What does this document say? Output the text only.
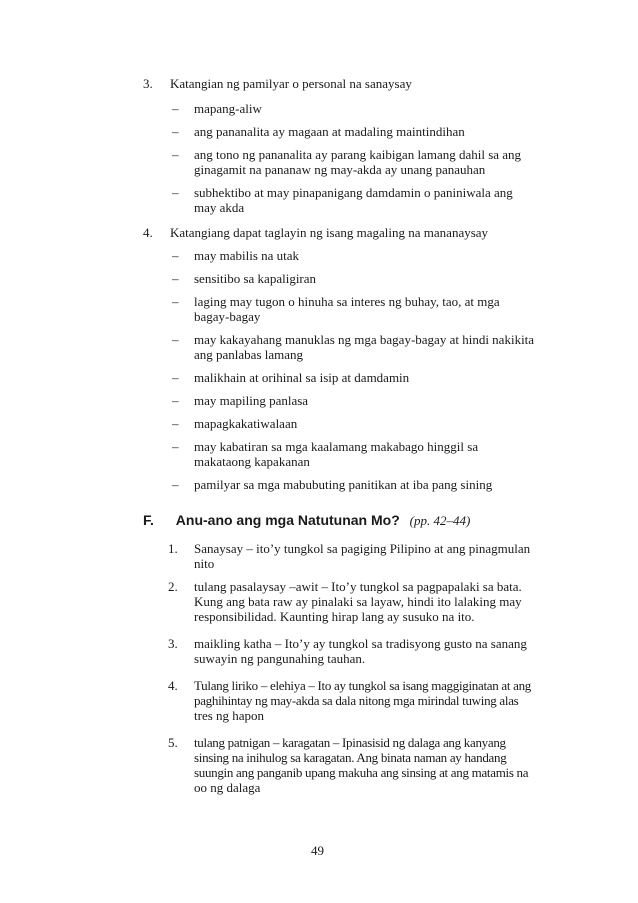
3. Katangian ng pamilyar o personal na sanaysay
– mapang-aliw
– ang pananalita ay magaan at madaling maintindihan
– ang tono ng pananalita ay parang kaibigan lamang dahil sa ang
ginagamit na pananaw ng may-akda ay unang panauhan
– subhektibo at may pinapanigang damdamin o paniniwala ang
may akda
4. Katangiang dapat taglayin ng isang magaling na mananaysay
– may mabilis na utak
– sensitibo sa kapaligiran
– laging may tugon o hinuha sa interes ng buhay, tao, at mga
bagay-bagay
– may kakayahang manuklas ng mga bagay-bagay at hindi nakikita
ang panlabas lamang
– malikhain at orihinal sa isip at damdamin
– may mapiling panlasa
– mapagkakatiwalaan
– may kabatiran sa mga kaalamang makabago hinggil sa
makataong kapakanan
– pamilyar sa mga mabubuting panitikan at iba pang sining
F. Anu-ano ang mga Natutunan Mo? (pp. 42–44)
1. Sanaysay – ito’y tungkol sa pagiging Pilipino at ang pinagmulan
nito
2. tulang pasalaysay –awit – Ito’y tungkol sa pagpapalaki sa bata.
Kung ang bata raw ay pinalaki sa layaw, hindi ito lalaking may
responsibilidad. Kaunting hirap lang ay susuko na ito.
3. maikling katha – Ito’y ay tungkol sa tradisyong gusto na sanang
suwayin ng pangunahing tauhan.
4. Tulang liriko – elehiya – Ito ay tungkol sa isang maggiginatan at ang
paghihintay ng may-akda sa dala nitong mga mirindal tuwing alas
tres ng hapon
5. tulang patnigan – karagatan – Ipinasisid ng dalaga ang kanyang
sinsing na inihulog sa karagatan. Ang binata naman ay handang
suungin ang panganib upang makuha ang sinsing at ang matamis na
oo ng dalaga
49
